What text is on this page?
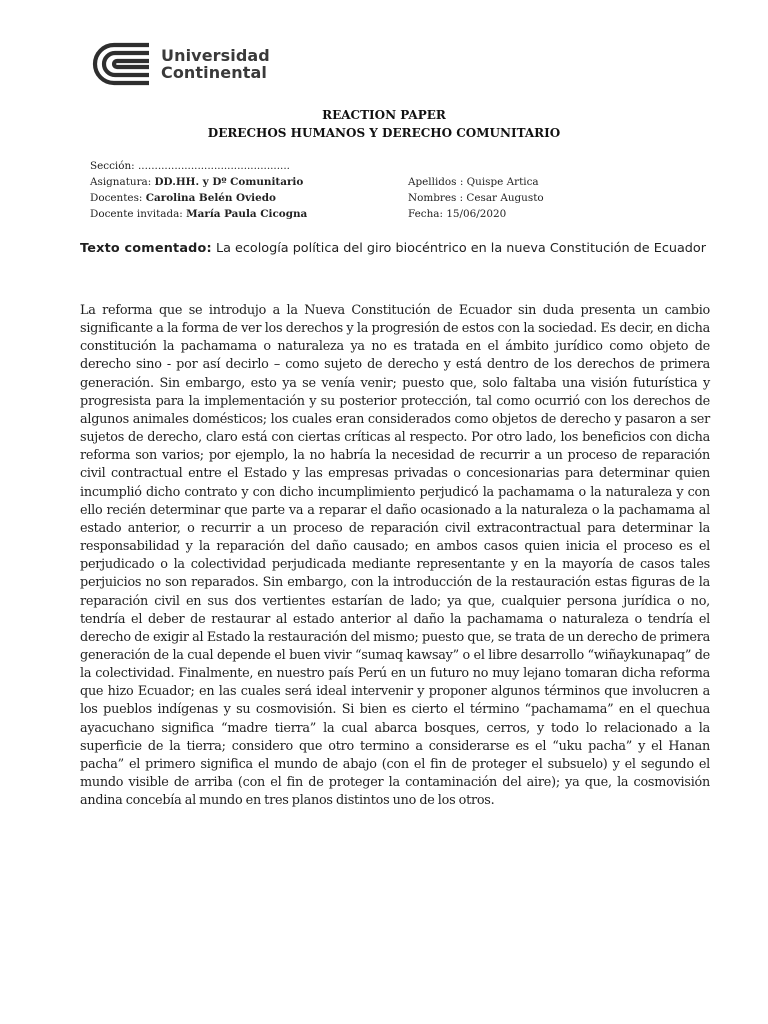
Universidad
Continental
REACTION PAPER
DERECHOS HUMANOS Y DERECHO COMUNITARIO
Sección: ..............................................
Asignatura: DD.HH. y Dº Comunitario
Docentes: Carolina Belén Oviedo
Docente invitada: María Paula Cicogna
Apellidos : Quispe Artica
Nombres : Cesar Augusto
Fecha: 15/06/2020
Texto comentado: La ecología política del giro biocéntrico en la nueva Constitución de Ecuador
La reforma que se introdujo a la Nueva Constitución de Ecuador sin duda presenta un cambio significante a la forma de ver los derechos y la progresión de estos con la sociedad. Es decir, en dicha constitución la pachamama o naturaleza ya no es tratada en el ámbito jurídico como objeto de derecho sino - por así decirlo – como sujeto de derecho y está dentro de los derechos de primera generación. Sin embargo, esto ya se venía venir; puesto que, solo faltaba una visión futurística y progresista para la implementación y su posterior protección, tal como ocurrió con los derechos de algunos animales domésticos; los cuales eran considerados como objetos de derecho y pasaron a ser sujetos de derecho, claro está con ciertas críticas al respecto. Por otro lado, los beneficios con dicha reforma son varios; por ejemplo, la no habría la necesidad de recurrir a un proceso de reparación civil contractual entre el Estado y las empresas privadas o concesionarias para determinar quien incumplió dicho contrato y con dicho incumplimiento perjudicó la pachamama o la naturaleza y con ello recién determinar que parte va a reparar el daño ocasionado a la naturaleza o la pachamama al estado anterior, o recurrir a un proceso de reparación civil extracontractual para determinar la responsabilidad y la reparación del daño causado; en ambos casos quien inicia el proceso es el perjudicado o la colectividad perjudicada mediante representante y en la mayoría de casos tales perjuicios no son reparados. Sin embargo, con la introducción de la restauración estas figuras de la reparación civil en sus dos vertientes estarían de lado; ya que, cualquier persona jurídica o no, tendría el deber de restaurar al estado anterior al daño la pachamama o naturaleza o tendría el derecho de exigir al Estado la restauración del mismo; puesto que, se trata de un derecho de primera generación de la cual depende el buen vivir “sumaq kawsay” o el libre desarrollo “wiñaykunapaq” de la colectividad. Finalmente, en nuestro país Perú en un futuro no muy lejano tomaran dicha reforma que hizo Ecuador; en las cuales será ideal intervenir y proponer algunos términos que involucren a los pueblos indígenas y su cosmovisión. Si bien es cierto el término “pachamama” en el quechua ayacuchano significa “madre tierra” la cual abarca bosques, cerros, y todo lo relacionado a la superficie de la tierra; considero que otro termino a considerarse es el “uku pacha” y el Hanan pacha” el primero significa el mundo de abajo (con el fin de proteger el subsuelo) y el segundo el mundo visible de arriba (con el fin de proteger la contaminación del aire); ya que, la cosmovisión andina concebía al mundo en tres planos distintos uno de los otros.
